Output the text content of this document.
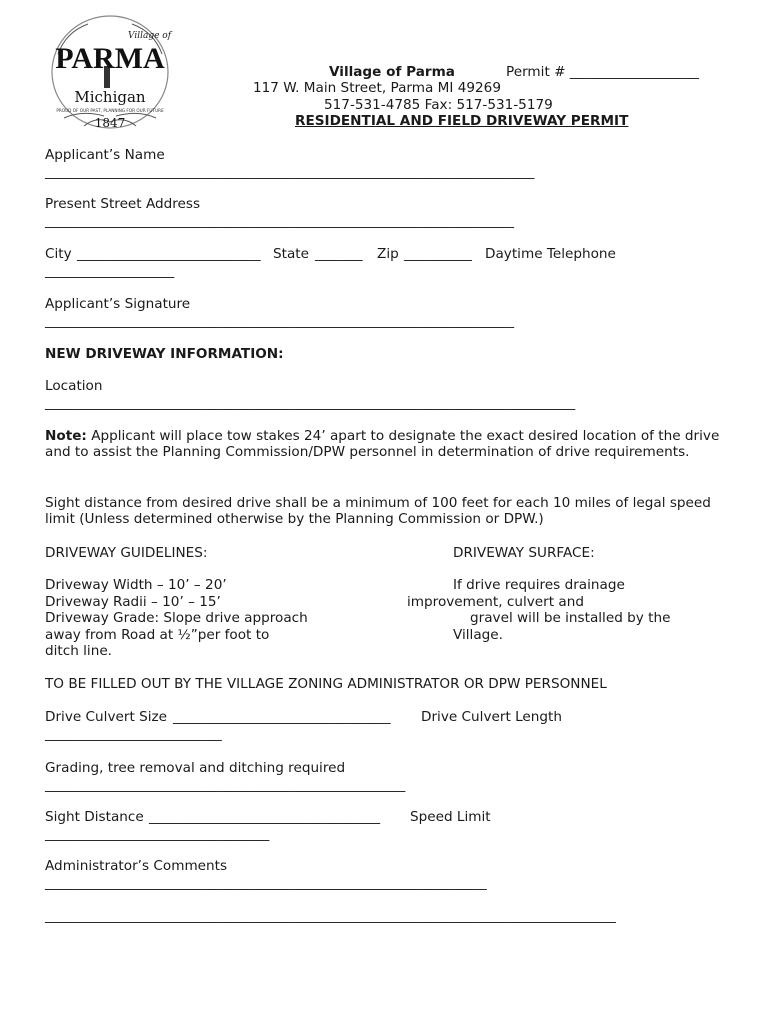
Village of
PARMA
Michigan
PROUD OF OUR PAST, PLANNING FOR OUR FUTURE
1847
Village of Parma	Permit # ___________________
117 W. Main Street, Parma MI 49269
517-531-4785 Fax: 517-531-5179
RESIDENTIAL AND FIELD DRIVEWAY PERMIT
Applicant’s Name
________________________________________________________________________
Present Street Address
_____________________________________________________________________
City ___________________________ State _______ Zip __________ Daytime Telephone
___________________
Applicant’s Signature
_____________________________________________________________________
NEW DRIVEWAY INFORMATION:
Location
______________________________________________________________________________
Note: Applicant will place tow stakes 24’ apart to designate the exact desired location of the drive and to assist the Planning Commission/DPW personnel in determination of drive requirements.
Sight distance from desired drive shall be a minimum of 100 feet for each 10 miles of legal speed limit (Unless determined otherwise by the Planning Commission or DPW.)
DRIVEWAY GUIDELINES:	DRIVEWAY SURFACE:
Driveway Width – 10’ – 20’
Driveway Radii – 10’ – 15’
Driveway Grade: Slope drive approach
away from Road at ½”per foot to
ditch line.
If drive requires drainage
improvement, culvert and
gravel will be installed by the
Village.
TO BE FILLED OUT BY THE VILLAGE ZONING ADMINISTRATOR OR DPW PERSONNEL
Drive Culvert Size ________________________________ Drive Culvert Length
__________________________
Grading, tree removal and ditching required
_____________________________________________________
Sight Distance __________________________________ Speed Limit
_________________________________
Administrator’s Comments
_________________________________________________________________
____________________________________________________________________________________
